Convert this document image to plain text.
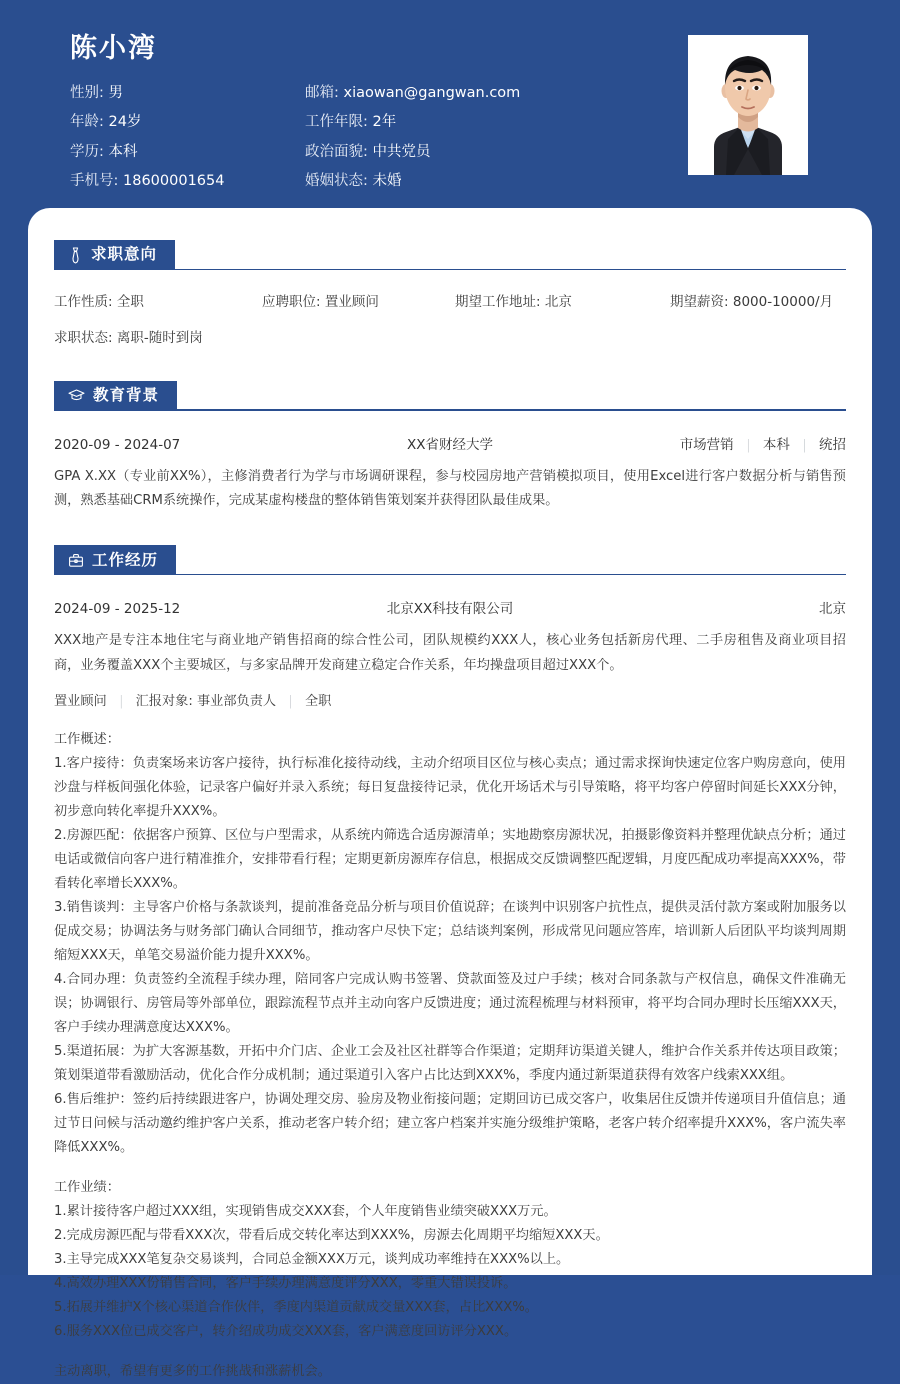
陈小湾
性别: 男	邮箱: xiaowan@gangwan.com
年龄: 24岁	工作年限: 2年
学历: 本科	政治面貌: 中共党员
手机号: 18600001654	婚姻状态: 未婚
求职意向
工作性质: 全职	应聘职位: 置业顾问	期望工作地址: 北京	期望薪资: 8000-10000/月
求职状态: 离职-随时到岗
教育背景
2020-09 - 2024-07	XX省财经大学	市场营销 | 本科 | 统招
GPA X.XX（专业前XX%），主修消费者行为学与市场调研课程，参与校园房地产营销模拟项目，使用Excel进行客户数据分析与销售预测，熟悉基础CRM系统操作，完成某虚构楼盘的整体销售策划案并获得团队最佳成果。
工作经历
2024-09 - 2025-12	北京XX科技有限公司	北京
XXX地产是专注本地住宅与商业地产销售招商的综合性公司，团队规模约XXX人，核心业务包括新房代理、二手房租售及商业项目招商，业务覆盖XXX个主要城区，与多家品牌开发商建立稳定合作关系，年均操盘项目超过XXX个。
置业顾问 | 汇报对象: 事业部负责人 | 全职
工作概述：
1.客户接待：负责案场来访客户接待，执行标准化接待动线，主动介绍项目区位与核心卖点；通过需求探询快速定位客户购房意向，使用沙盘与样板间强化体验，记录客户偏好并录入系统；每日复盘接待记录，优化开场话术与引导策略，将平均客户停留时间延长XXX分钟，初步意向转化率提升XXX%。
2.房源匹配：依据客户预算、区位与户型需求，从系统内筛选合适房源清单；实地勘察房源状况，拍摄影像资料并整理优缺点分析；通过电话或微信向客户进行精准推介，安排带看行程；定期更新房源库存信息，根据成交反馈调整匹配逻辑，月度匹配成功率提高XXX%，带看转化率增长XXX%。
3.销售谈判：主导客户价格与条款谈判，提前准备竞品分析与项目价值说辞；在谈判中识别客户抗性点，提供灵活付款方案或附加服务以促成交易；协调法务与财务部门确认合同细节，推动客户尽快下定；总结谈判案例，形成常见问题应答库，培训新人后团队平均谈判周期缩短XXX天，单笔交易溢价能力提升XXX%。
4.合同办理：负责签约全流程手续办理，陪同客户完成认购书签署、贷款面签及过户手续；核对合同条款与产权信息，确保文件准确无误；协调银行、房管局等外部单位，跟踪流程节点并主动向客户反馈进度；通过流程梳理与材料预审，将平均合同办理时长压缩XXX天，客户手续办理满意度达XXX%。
5.渠道拓展：为扩大客源基数，开拓中介门店、企业工会及社区社群等合作渠道；定期拜访渠道关键人，维护合作关系并传达项目政策；策划渠道带看激励活动，优化合作分成机制；通过渠道引入客户占比达到XXX%，季度内通过新渠道获得有效客户线索XXX组。
6.售后维护：签约后持续跟进客户，协调处理交房、验房及物业衔接问题；定期回访已成交客户，收集居住反馈并传递项目升值信息；通过节日问候与活动邀约维护客户关系，推动老客户转介绍；建立客户档案并实施分级维护策略，老客户转介绍率提升XXX%，客户流失率降低XXX%。
工作业绩：
1.累计接待客户超过XXX组，实现销售成交XXX套，个人年度销售业绩突破XXX万元。
2.完成房源匹配与带看XXX次，带看后成交转化率达到XXX%，房源去化周期平均缩短XXX天。
3.主导完成XXX笔复杂交易谈判，合同总金额XXX万元，谈判成功率维持在XXX%以上。
4.高效办理XXX份销售合同，客户手续办理满意度评分XXX，零重大错误投诉。
5.拓展并维护X个核心渠道合作伙伴，季度内渠道贡献成交量XXX套，占比XXX%。
6.服务XXX位已成交客户，转介绍成功成交XXX套，客户满意度回访评分XXX。
主动离职，希望有更多的工作挑战和涨薪机会。
